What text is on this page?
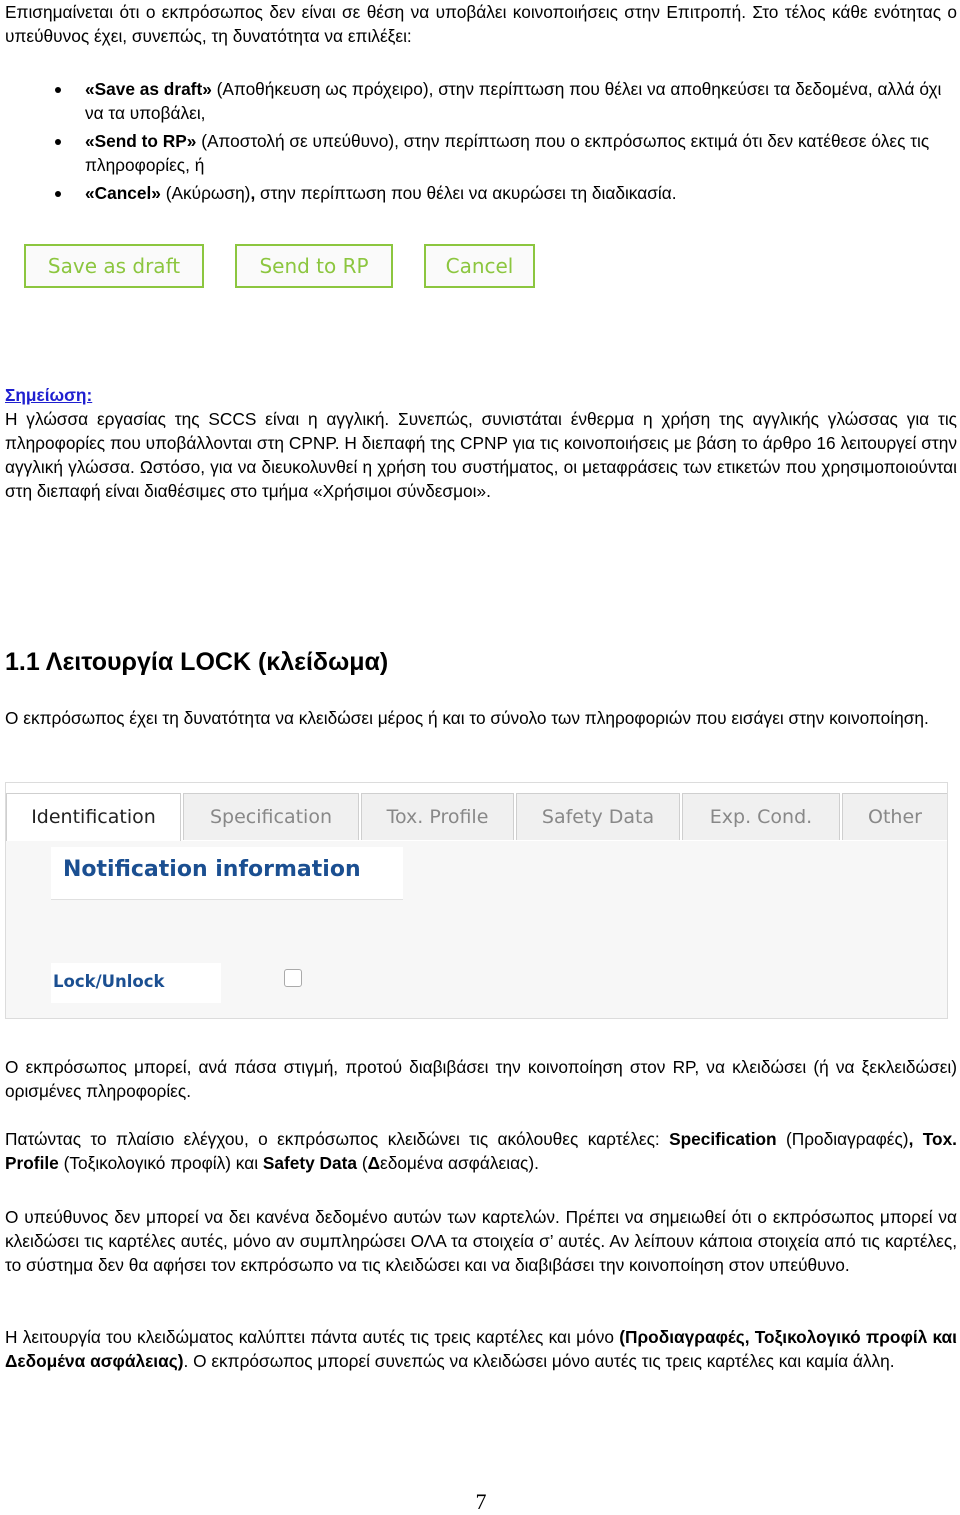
Επισημαίνεται ότι ο εκπρόσωπος δεν είναι σε θέση να υποβάλει κοινοποιήσεις στην Επιτροπή. Στο τέλος κάθε ενότητας ο υπεύθυνος έχει, συνεπώς, τη δυνατότητα να επιλέξει:

«Save as draft» (Αποθήκευση ως πρόχειρο), στην περίπτωση που θέλει να αποθηκεύσει τα δεδομένα, αλλά όχι να τα υποβάλει,
«Send to RP» (Αποστολή σε υπεύθυνο), στην περίπτωση που ο εκπρόσωπος εκτιμά ότι δεν κατέθεσε όλες τις πληροφορίες, ή
«Cancel» (Ακύρωση), στην περίπτωση που θέλει να ακυρώσει τη διαδικασία.
Save as draft	Send to RP	Cancel

Σημείωση:

Η γλώσσα εργασίας της SCCS είναι η αγγλική. Συνεπώς, συνιστάται ένθερμα η χρήση της αγγλικής γλώσσας για τις πληροφορίες που υποβάλλονται στη CPNP. Η διεπαφή της CPNP για τις κοινοποιήσεις με βάση το άρθρο 16 λειτουργεί στην αγγλική γλώσσα. Ωστόσο, για να διευκολυνθεί η χρήση του συστήματος, οι μεταφράσεις των ετικετών που χρησιμοποιούνται στη διεπαφή είναι διαθέσιμες στο τμήμα «Χρήσιμοι σύνδεσμοι».

1.1 Λειτουργία LOCK (κλείδωμα)

Ο εκπρόσωπος έχει τη δυνατότητα να κλειδώσει μέρος ή και το σύνολο των πληροφοριών που εισάγει στην κοινοποίηση.

Identification	Specification	Tox. Profile	Safety Data	Exp. Cond.	Other
Notification information
Lock/Unlock

Ο εκπρόσωπος μπορεί, ανά πάσα στιγμή, προτού διαβιβάσει την κοινοποίηση στον RP, να κλειδώσει (ή να ξεκλειδώσει) ορισμένες πληροφορίες.

Πατώντας το πλαίσιο ελέγχου, ο εκπρόσωπος κλειδώνει τις ακόλουθες καρτέλες: Specification (Προδιαγραφές), Tox. Profile (Τοξικολογικό προφίλ) και Safety Data (Δεδομένα ασφάλειας).

Ο υπεύθυνος δεν μπορεί να δει κανένα δεδομένο αυτών των καρτελών. Πρέπει να σημειωθεί ότι ο εκπρόσωπος μπορεί να κλειδώσει τις καρτέλες αυτές, μόνο αν συμπληρώσει ΟΛΑ τα στοιχεία σ’ αυτές. Αν λείπουν κάποια στοιχεία από τις καρτέλες, το σύστημα δεν θα αφήσει τον εκπρόσωπο να τις κλειδώσει και να διαβιβάσει την κοινοποίηση στον υπεύθυνο.

Η λειτουργία του κλειδώματος καλύπτει πάντα αυτές τις τρεις καρτέλες και μόνο (Προδιαγραφές, Τοξικολογικό προφίλ και Δεδομένα ασφάλειας). Ο εκπρόσωπος μπορεί συνεπώς να κλειδώσει μόνο αυτές τις τρεις καρτέλες και καμία άλλη.

7
